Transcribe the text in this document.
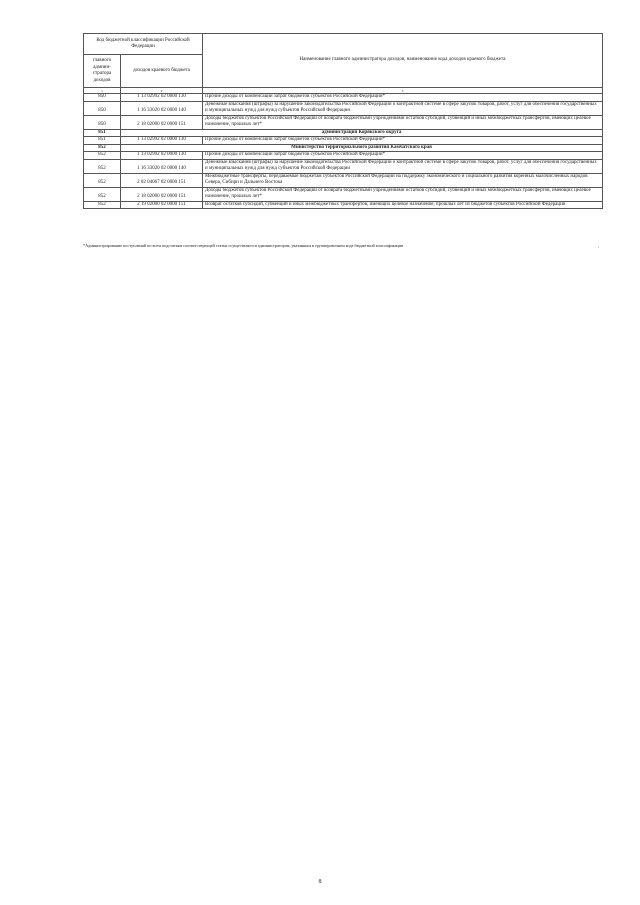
Код бюджетной классификации Российской Федерации		Наименование главного администратора доходов, наименование кода доходов краевого бюджета
главного админи-стратора доходов	доходов краевого бюджета	
1	2	3
850	1 13 02992 02 0000 130	Прочие доходы от компенсации затрат бюджетов субъектов Российской Федерации*
850	1 16 33020 02 0000 140	Денежные взыскания (штрафы) за нарушение законодательства Российской Федерации о контрактной системе в сфере закупок товаров, работ, услуг для обеспечения государственных и муниципальных нужд для нужд субъектов Российской Федерации
850	2 18 02000 02 0000 151	Доходы бюджетов субъектов Российской Федерации от возврата бюджетными учреждениями остатков субсидий, субвенций и иных межбюджетных трансфертов, имеющих целевое назначение, прошлых лет*
851	администрация Корякского округа	
851	1 13 02992 02 0000 130	Прочие доходы от компенсации затрат бюджетов субъектов Российской Федерации*
852	Министерство территориального развития Камчатского края	
852	1 13 02992 02 0000 130	Прочие доходы от компенсации затрат бюджетов субъектов Российской Федерации*
852	1 16 33020 02 0000 140	Денежные взыскания (штрафы) за нарушение законодательства Российской Федерации о контрактной системе в сфере закупок товаров, работ, услуг для обеспечения государственных и муниципальных нужд для нужд субъектов Российской Федерации
852	2 02 04067 02 0000 151	Межбюджетные трансферты, передаваемые бюджетам субъектов Российской Федерации на поддержку экономического и социального развития коренных малочисленных народов Севера, Сибири и Дальнего Востока
852	2 18 02000 02 0000 151	Доходы бюджетов субъектов Российской Федерации от возврата бюджетными учреждениями остатков субсидий, субвенций и иных межбюджетных трансфертов, имеющих целевое назначение, прошлых лет*
852	2 19 02000 02 0000 151	Возврат остатков субсидий, субвенций и иных межбюджетных трансфертов, имеющих целевое назначение, прошлых лет из бюджетов субъектов Российской Федерации
*Администрирование поступлений по всем подстатьям соответствующей статьи осуществляется администратором, указанным в группировочном коде бюджетной классификации	.
8
